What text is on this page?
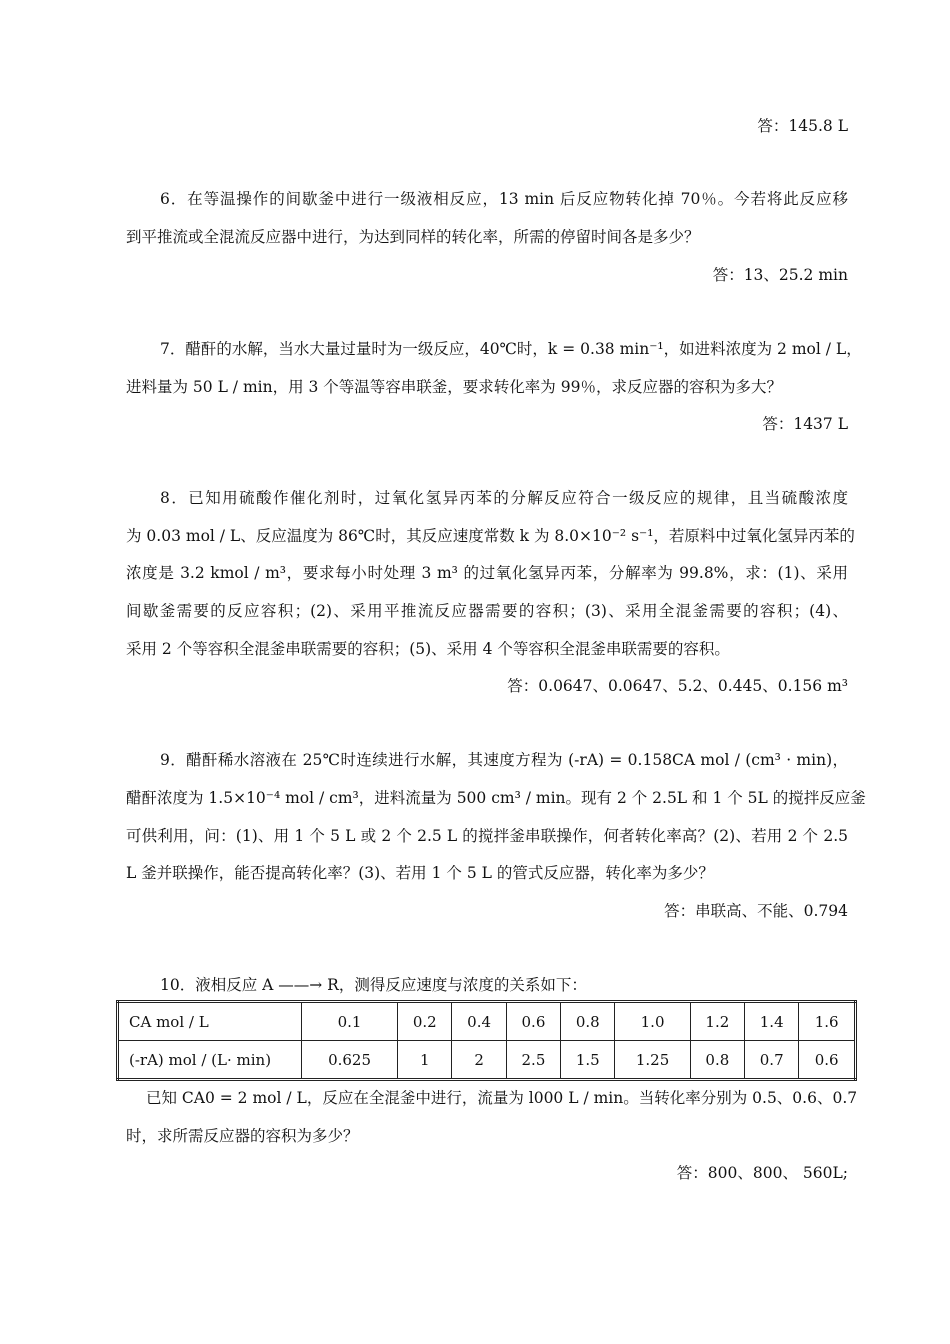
答：145.8 L
6．在等温操作的间歇釜中进行一级液相反应，13 min 后反应物转化掉 70％。今若将此反应移
到平推流或全混流反应器中进行，为达到同样的转化率，所需的停留时间各是多少？
答：13、25.2 min
7．醋酐的水解，当水大量过量时为一级反应，40℃时，k = 0.38 min⁻¹，如进料浓度为 2 mol / L，
进料量为 50 L / min，用 3 个等温等容串联釜，要求转化率为 99％，求反应器的容积为多大？
答：1437 L
8．已知用硫酸作催化剂时，过氧化氢异丙苯的分解反应符合一级反应的规律，且当硫酸浓度
为 0.03 mol / L、反应温度为 86℃时，其反应速度常数 k 为 8.0×10⁻² s⁻¹，若原料中过氧化氢异丙苯的
浓度是 3.2 kmol / m³，要求每小时处理 3 m³ 的过氧化氢异丙苯，分解率为 99.8%，求：(1)、采用
间歇釜需要的反应容积；(2)、采用平推流反应器需要的容积；(3)、采用全混釜需要的容积；(4)、
采用 2 个等容积全混釜串联需要的容积；(5)、采用 4 个等容积全混釜串联需要的容积。
答：0.0647、0.0647、5.2、0.445、0.156 m³
9．醋酐稀水溶液在 25℃时连续进行水解，其速度方程为 (-rA) = 0.158CA mol / (cm³ · min)，
醋酐浓度为 1.5×10⁻⁴ mol / cm³，进料流量为 500 cm³ / min。现有 2 个 2.5L 和 1 个 5L 的搅拌反应釜
可供利用，问：(1)、用 1 个 5 L 或 2 个 2.5 L 的搅拌釜串联操作，何者转化率高？(2)、若用 2 个 2.5
L 釜并联操作，能否提高转化率？(3)、若用 1 个 5 L 的管式反应器，转化率为多少？
答：串联高、不能、0.794
10．液相反应 A ——→ R，测得反应速度与浓度的关系如下：
CA mol / L	0.1	0.2	0.4	0.6	0.8	1.0	1.2	1.4	1.6
(-rA) mol / (L· min)	0.625	1	2	2.5	1.5	1.25	0.8	0.7	0.6
已知 CA0 = 2 mol / L，反应在全混釜中进行，流量为 l000 L / min。当转化率分别为 0.5、0.6、0.7
时，求所需反应器的容积为多少？
答：800、800、 560L;
